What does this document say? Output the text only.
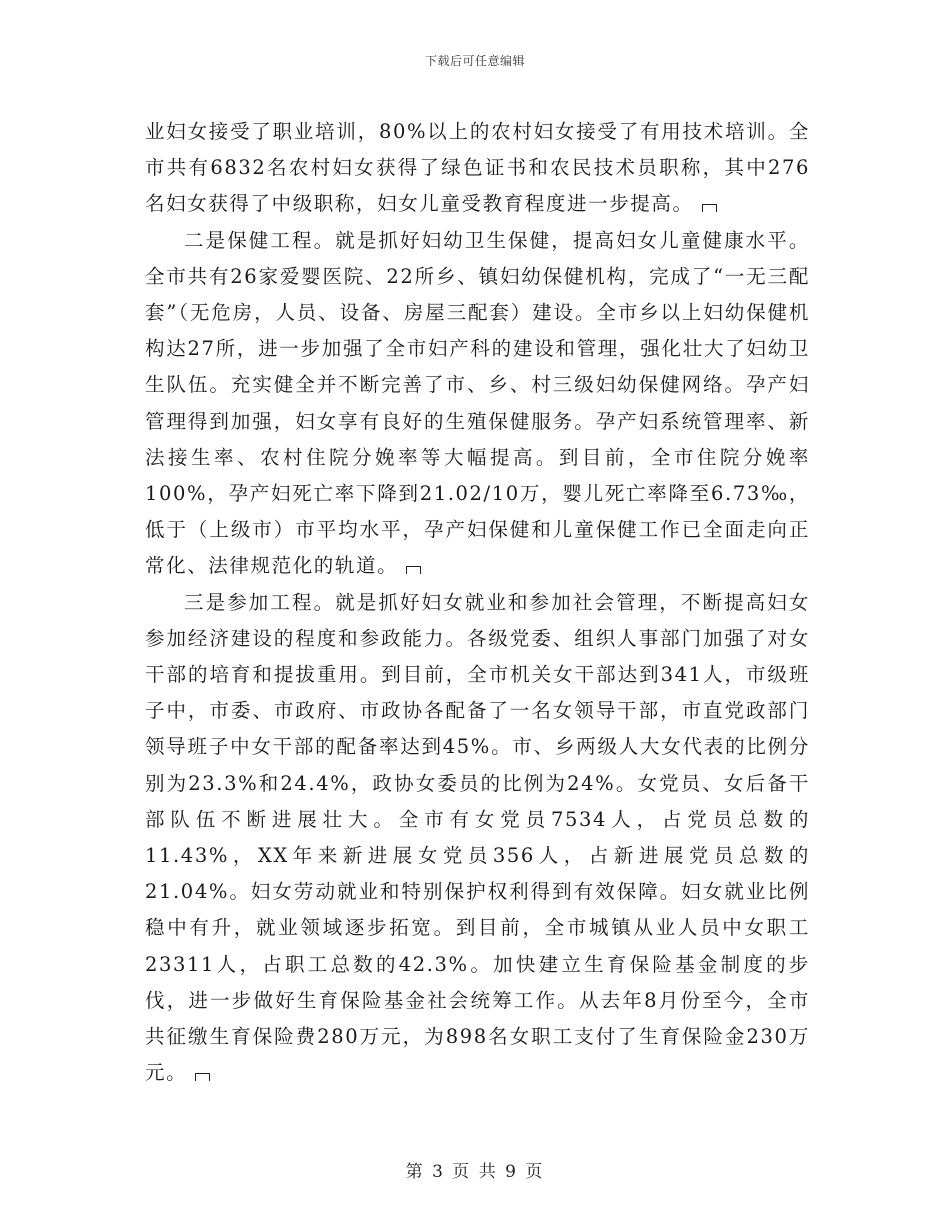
下载后可任意编辑

业妇女接受了职业培训，80%以上的农村妇女接受了有用技术培训。全市共有6832名农村妇女获得了绿色证书和农民技术员职称，其中276名妇女获得了中级职称，妇女儿童受教育程度进一步提高。

二是保健工程。就是抓好妇幼卫生保健，提高妇女儿童健康水平。全市共有26家爱婴医院、22所乡、镇妇幼保健机构，完成了“一无三配套”（无危房，人员、设备、房屋三配套）建设。全市乡以上妇幼保健机构达27所，进一步加强了全市妇产科的建设和管理，强化壮大了妇幼卫生队伍。充实健全并不断完善了市、乡、村三级妇幼保健网络。孕产妇管理得到加强，妇女享有良好的生殖保健服务。孕产妇系统管理率、新法接生率、农村住院分娩率等大幅提高。到目前，全市住院分娩率100%，孕产妇死亡率下降到21.02/10万，婴儿死亡率降至6.73‰，低于（上级市）市平均水平，孕产妇保健和儿童保健工作已全面走向正常化、法律规范化的轨道。

三是参加工程。就是抓好妇女就业和参加社会管理，不断提高妇女参加经济建设的程度和参政能力。各级党委、组织人事部门加强了对女干部的培育和提拔重用。到目前，全市机关女干部达到341人，市级班子中，市委、市政府、市政协各配备了一名女领导干部，市直党政部门领导班子中女干部的配备率达到45%。市、乡两级人大女代表的比例分别为23.3%和24.4%，政协女委员的比例为24%。女党员、女后备干部队伍不断进展壮大。全市有女党员7534人，占党员总数的11.43%，XX年来新进展女党员356人，占新进展党员总数的21.04%。妇女劳动就业和特别保护权利得到有效保障。妇女就业比例稳中有升，就业领域逐步拓宽。到目前，全市城镇从业人员中女职工23311人，占职工总数的42.3%。加快建立生育保险基金制度的步伐，进一步做好生育保险基金社会统筹工作。从去年8月份至今，全市共征缴生育保险费280万元，为898名女职工支付了生育保险金230万元。

第 3 页 共 9 页
